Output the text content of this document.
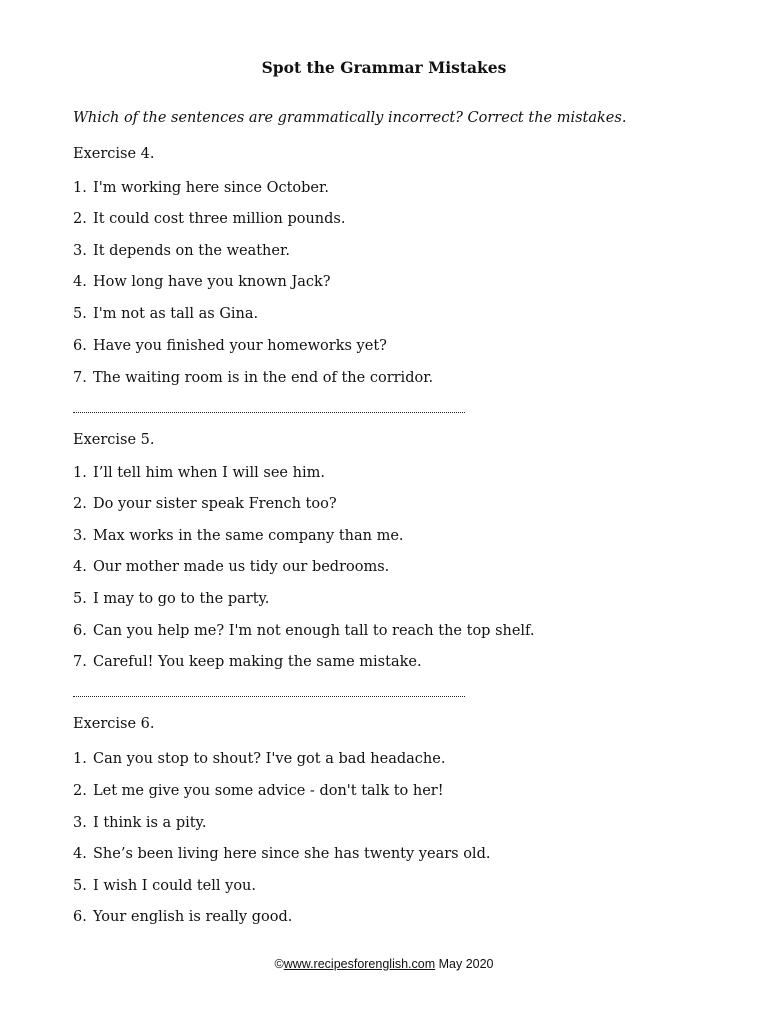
Spot the Grammar Mistakes
Which of the sentences are grammatically incorrect? Correct the mistakes.
Exercise 4.
1. I'm working here since October.
2. It could cost three million pounds.
3. It depends on the weather.
4. How long have you known Jack?
5. I'm not as tall as Gina.
6. Have you finished your homeworks yet?
7. The waiting room is in the end of the corridor.
Exercise 5.
1. I’ll tell him when I will see him.
2. Do your sister speak French too?
3. Max works in the same company than me.
4. Our mother made us tidy our bedrooms.
5. I may to go to the party.
6. Can you help me? I'm not enough tall to reach the top shelf.
7. Careful! You keep making the same mistake.
Exercise 6.
1. Can you stop to shout? I've got a bad headache.
2. Let me give you some advice - don't talk to her!
3. I think is a pity.
4. She’s been living here since she has twenty years old.
5. I wish I could tell you.
6. Your english is really good.
©www.recipesforenglish.com May 2020
